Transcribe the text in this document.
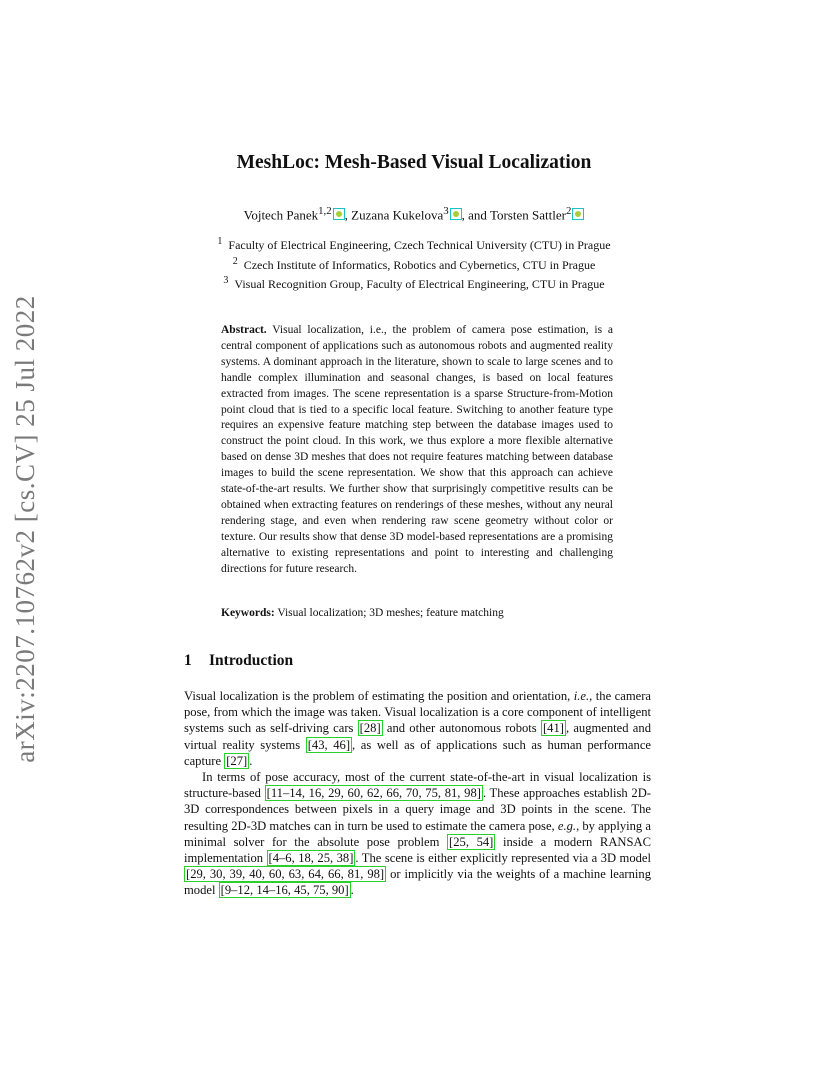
arXiv:2207.10762v2 [cs.CV] 25 Jul 2022
MeshLoc: Mesh-Based Visual Localization
Vojtech Panek$^{1,2}$ , Zuzana Kukelova$^3$ , and Torsten Sattler$^2$
$^1$ Faculty of Electrical Engineering, Czech Technical University (CTU) in Prague
$^2$ Czech Institute of Informatics, Robotics and Cybernetics, CTU in Prague
$^3$ Visual Recognition Group, Faculty of Electrical Engineering, CTU in Prague
Abstract. Visual localization, i.e., the problem of camera pose estimation, is a central component of applications such as autonomous robots and augmented reality systems. A dominant approach in the literature, shown to scale to large scenes and to handle complex illumination and seasonal changes, is based on local features extracted from images. The scene representation is a sparse Structure-from-Motion point cloud that is tied to a specific local feature. Switching to another feature type requires an expensive feature matching step between the database images used to construct the point cloud. In this work, we thus explore a more flexible alternative based on dense 3D meshes that does not require features matching between database images to build the scene representation. We show that this approach can achieve state-of-the-art results. We further show that surprisingly competitive results can be obtained when extracting features on renderings of these meshes, without any neural rendering stage, and even when rendering raw scene geometry without color or texture. Our results show that dense 3D model-based representations are a promising alternative to existing representations and point to interesting and challenging directions for future research.
Keywords: Visual localization; 3D meshes; feature matching
1 Introduction

Visual localization is the problem of estimating the position and orientation, i.e., the camera pose, from which the image was taken. Visual localization is a core component of intelligent systems such as self-driving cars [28] and other autonomous robots [41] , augmented and virtual reality systems [43, 46] , as well as of applications such as human performance capture [27] .

In terms of pose accuracy, most of the current state-of-the-art in visual localization is structure-based [11–14, 16, 29, 60, 62, 66, 70, 75, 81, 98] . These approaches establish 2D-3D correspondences between pixels in a query image and 3D points in the scene. The resulting 2D-3D matches can in turn be used to estimate the camera pose, e.g., by applying a minimal solver for the absolute pose problem [25, 54] inside a modern RANSAC implementation [4–6, 18, 25, 38] . The scene is either explicitly represented via a 3D model [29, 30, 39, 40, 60, 63, 64, 66, 81, 98] or implicitly via the weights of a machine learning model [9–12, 14–16, 45, 75, 90] .
